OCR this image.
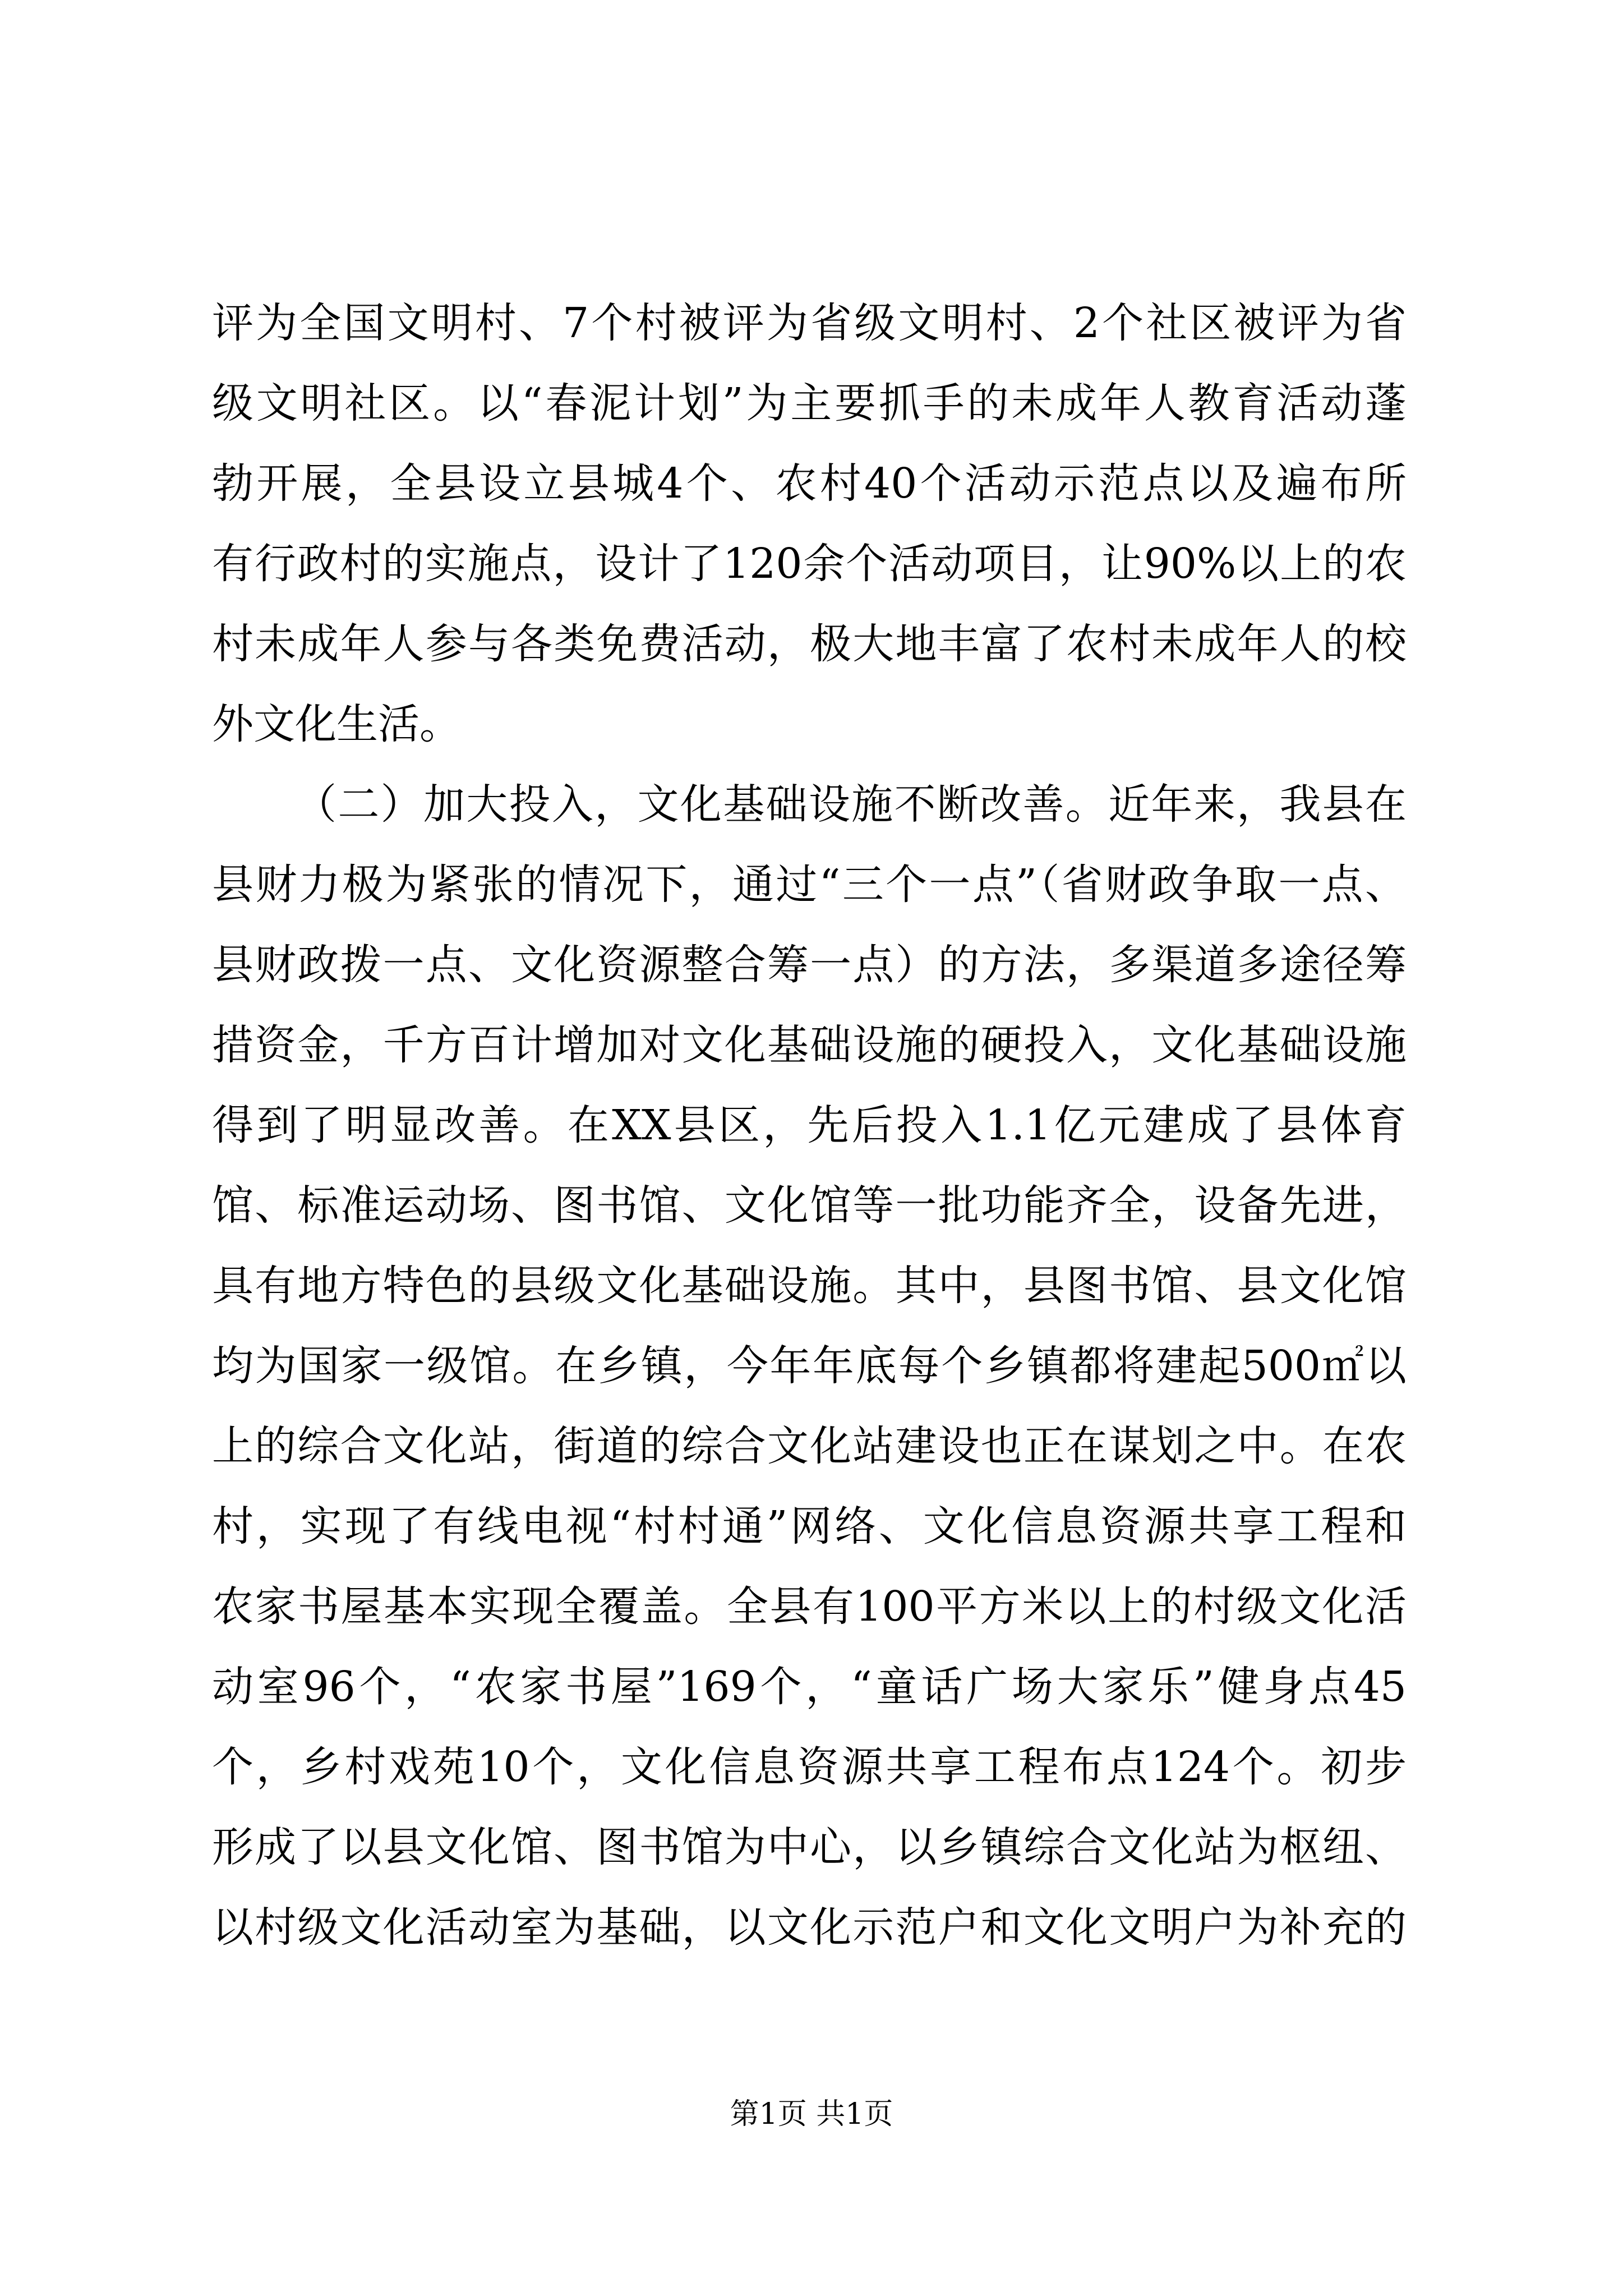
评为全国文明村、7个村被评为省级文明村、2个社区被评为省
级文明社区。以“春泥计划”为主要抓手的未成年人教育活动蓬
勃开展，全县设立县城4个、农村40个活动示范点以及遍布所
有行政村的实施点，设计了120余个活动项目，让90%以上的农
村未成年人参与各类免费活动，极大地丰富了农村未成年人的校
外文化生活。
（二）加大投入，文化基础设施不断改善。近年来，我县在
县财力极为紧张的情况下，通过“三个一点”（省财政争取一点、
县财政拨一点、文化资源整合筹一点）的方法，多渠道多途径筹
措资金，千方百计增加对文化基础设施的硬投入，文化基础设施
得到了明显改善。在XX县区，先后投入1.1亿元建成了县体育
馆、标准运动场、图书馆、文化馆等一批功能齐全，设备先进，
具有地方特色的县级文化基础设施。其中，县图书馆、县文化馆
均为国家一级馆。在乡镇，今年年底每个乡镇都将建起500㎡以
上的综合文化站，街道的综合文化站建设也正在谋划之中。在农
村，实现了有线电视“村村通”网络、文化信息资源共享工程和
农家书屋基本实现全覆盖。全县有100平方米以上的村级文化活
动室96个，“农家书屋”169个，“童话广场大家乐”健身点45
个，乡村戏苑10个，文化信息资源共享工程布点124个。初步
形成了以县文化馆、图书馆为中心，以乡镇综合文化站为枢纽、
以村级文化活动室为基础，以文化示范户和文化文明户为补充的
第1页 共1页
